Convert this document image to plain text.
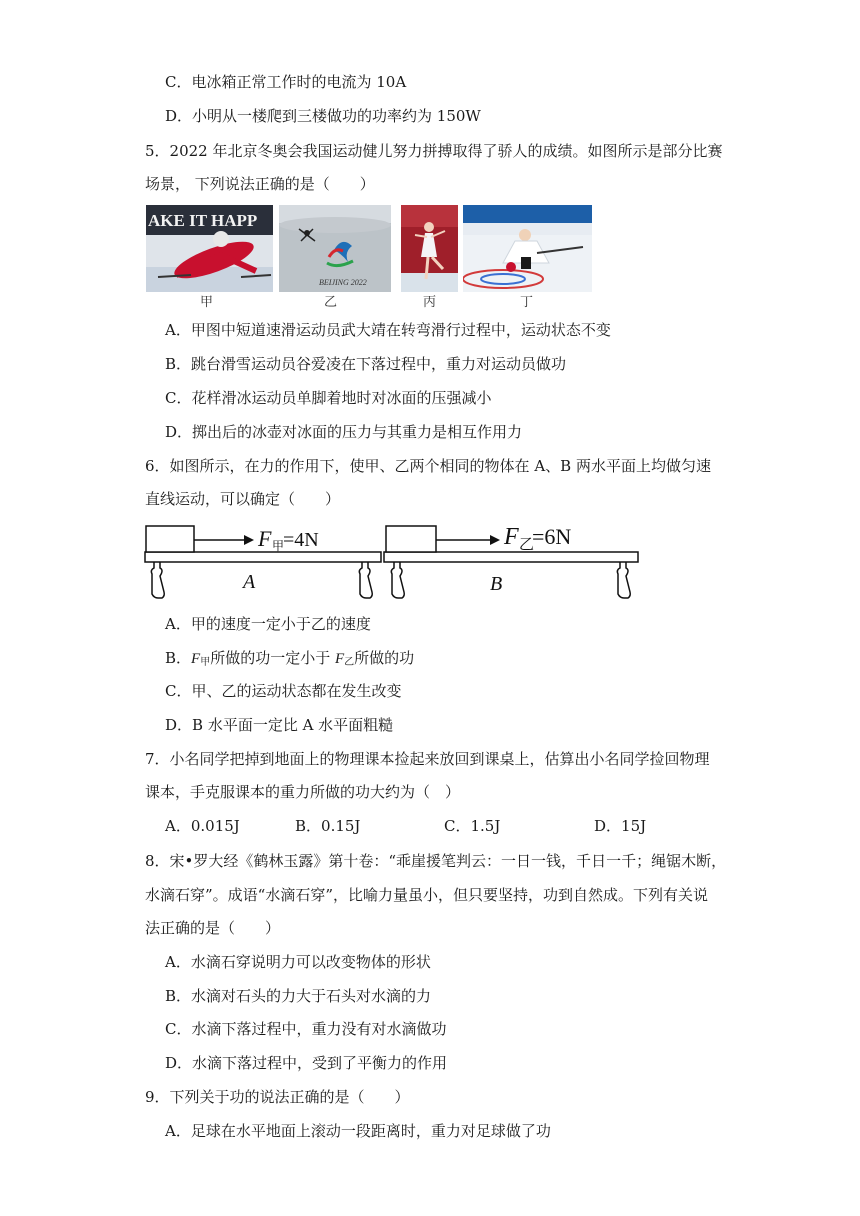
C．电冰箱正常工作时的电流为 10A
D．小明从一楼爬到三楼做功的功率约为 150W
5．2022 年北京冬奥会我国运动健儿努力拼搏取得了骄人的成绩。如图所示是部分比赛
场景， 下列说法正确的是（　　）
AKE IT HAPP
BEIJING 2022
甲	乙	丙	丁
A．甲图中短道速滑运动员武大靖在转弯滑行过程中，运动状态不变
B．跳台滑雪运动员谷爱凌在下落过程中，重力对运动员做功
C．花样滑冰运动员单脚着地时对冰面的压强减小
D．掷出后的冰壶对冰面的压力与其重力是相互作用力
6．如图所示，在力的作用下，使甲、乙两个相同的物体在 A、B 两水平面上均做匀速
直线运动，可以确定（　　）
F 甲
=4N
A
F 乙
=6N
B
A．甲的速度一定小于乙的速度
B．F甲所做的功一定小于 F乙所做的功
C．甲、乙的运动状态都在发生改变
D．B 水平面一定比 A 水平面粗糙
7．小名同学把掉到地面上的物理课本捡起来放回到课桌上，估算出小名同学捡回物理
课本，手克服课本的重力所做的功大约为（　）
A．0.015J	B．0.15J	C．1.5J	D．15J
8．宋•罗大经《鹤林玉露》第十卷：“乖崖援笔判云：一日一钱，千日一千；绳锯木断，
水滴石穿”。成语“水滴石穿”，比喻力量虽小，但只要坚持，功到自然成。下列有关说
法正确的是（　　）
A．水滴石穿说明力可以改变物体的形状
B．水滴对石头的力大于石头对水滴的力
C．水滴下落过程中，重力没有对水滴做功
D．水滴下落过程中，受到了平衡力的作用
9．下列关于功的说法正确的是（　　）
A．足球在水平地面上滚动一段距离时，重力对足球做了功
